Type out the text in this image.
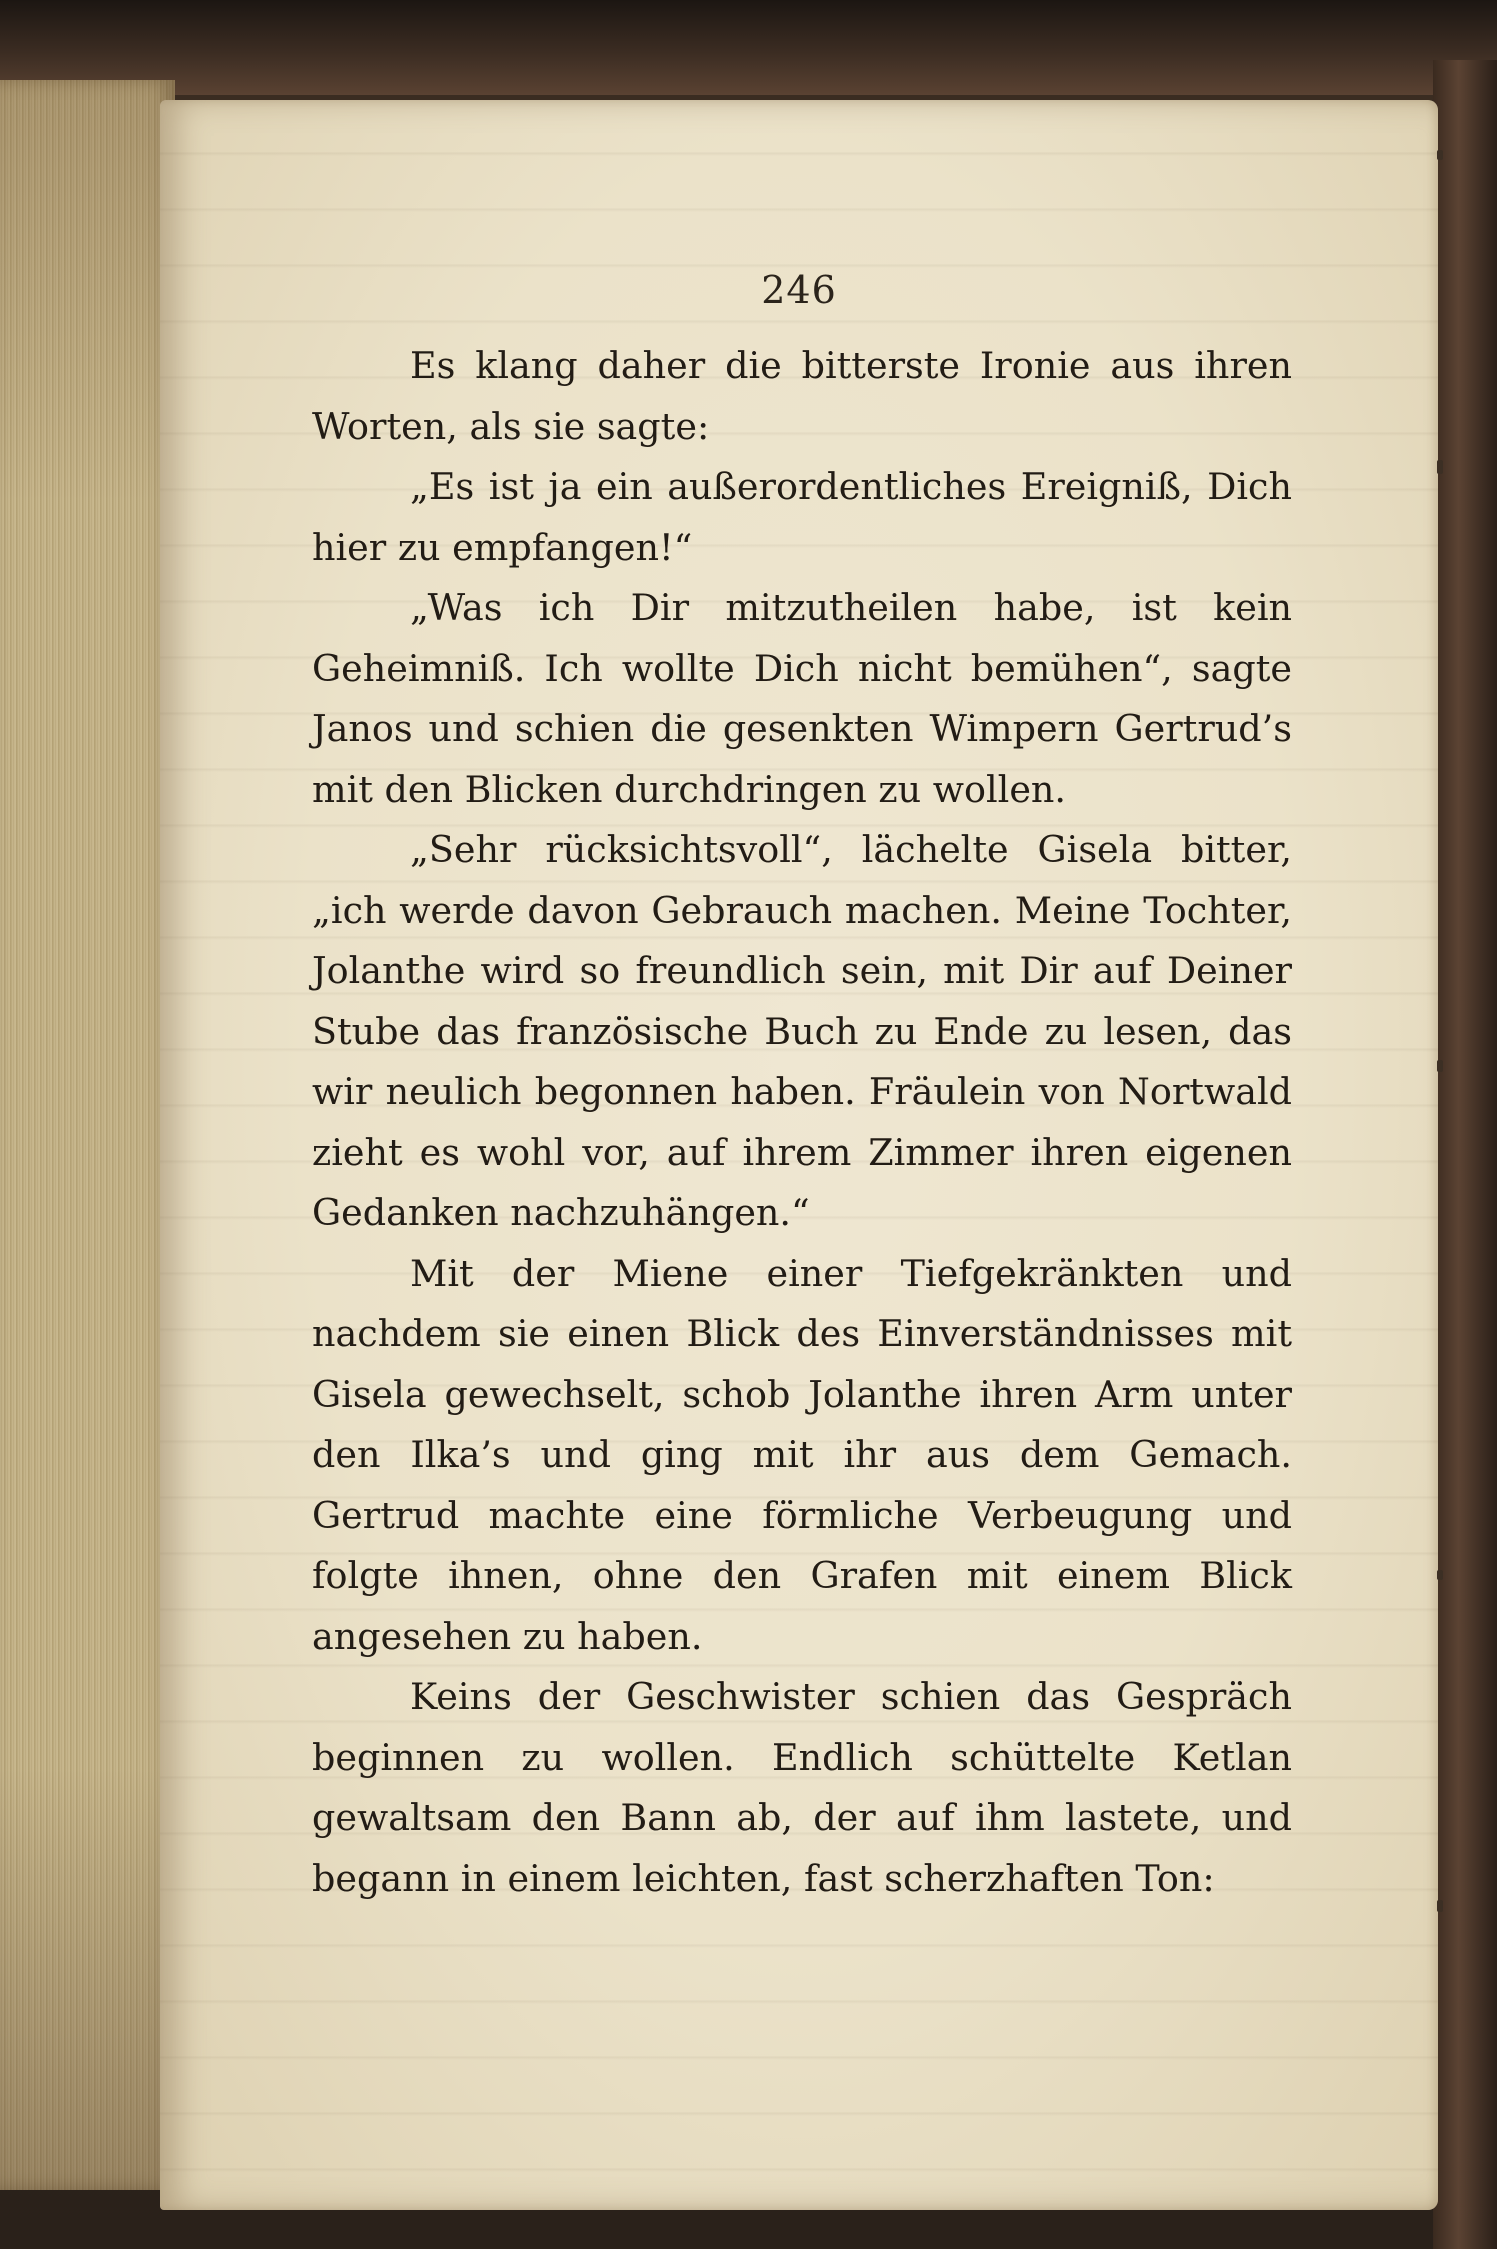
246

Es klang daher die bitterste Ironie aus ihren Worten, als sie sagte:

„Es ist ja ein außerordentliches Ereigniß, Dich hier zu empfangen!“

„Was ich Dir mitzutheilen habe, ist kein Geheimniß. Ich wollte Dich nicht bemühen“, sagte Janos und schien die gesenkten Wimpern Gertrud’s mit den Blicken durchdringen zu wollen.

„Sehr rücksichtsvoll“, lächelte Gisela bitter, „ich werde davon Gebrauch machen. Meine Tochter, Jolanthe wird so freundlich sein, mit Dir auf Deiner Stube das französische Buch zu Ende zu lesen, das wir neulich begonnen haben. Fräulein von Nortwald zieht es wohl vor, auf ihrem Zimmer ihren eigenen Gedanken nachzuhängen.“

Mit der Miene einer Tiefgekränkten und nachdem sie einen Blick des Einverständnisses mit Gisela gewechselt, schob Jolanthe ihren Arm unter den Ilka’s und ging mit ihr aus dem Gemach. Gertrud machte eine förmliche Verbeugung und folgte ihnen, ohne den Grafen mit einem Blick angesehen zu haben.

Keins der Geschwister schien das Gespräch beginnen zu wollen. Endlich schüttelte Ketlan gewaltsam den Bann ab, der auf ihm lastete, und begann in einem leichten, fast scherzhaften Ton:
